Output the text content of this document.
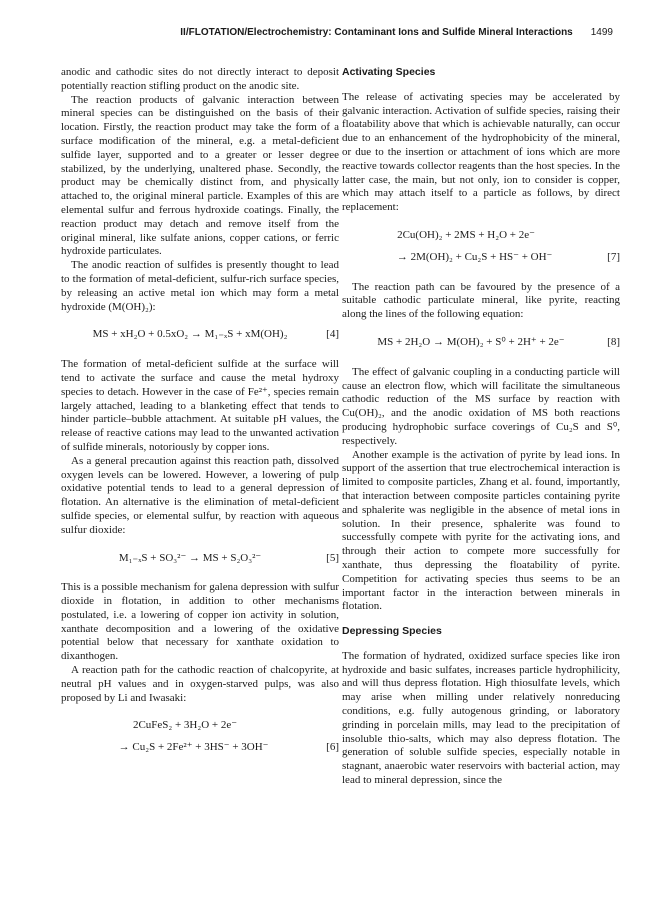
II/FLOTATION/Electrochemistry: Contaminant Ions and Sulfide Mineral Interactions 1499

anodic and cathodic sites do not directly interact to deposit potentially reaction stifling product on the anodic site.

The reaction products of galvanic interaction between mineral species can be distinguished on the basis of their location. Firstly, the reaction product may take the form of a surface modification of the mineral, e.g. a metal-deficient sulfide layer, supported and to a greater or lesser degree stabilized, by the underlying, unaltered phase. Secondly, the product may be chemically distinct from, and physically attached to, the original mineral particle. Examples of this are elemental sulfur and ferrous hydroxide coatings. Finally, the reaction product may detach and remove itself from the original mineral, like sulfate anions, copper cations, or ferric hydroxide particulates.

The anodic reaction of sulfides is presently thought to lead to the formation of metal-deficient, sulfur-rich surface species, by releasing an active metal ion which may form a metal hydroxide (M(OH)₂):

MS + xH₂O + 0.5xO₂ → M₁₋ₓS + xM(OH)₂	[4]

The formation of metal-deficient sulfide at the surface will tend to activate the surface and cause the metal hydroxy species to detach. However in the case of Fe²⁺, species remain largely attached, leading to a blanketing effect that tends to hinder particle–bubble attachment. At suitable pH values, the release of reactive cations may lead to the unwanted activation of sulfide minerals, notoriously by copper ions.

As a general precaution against this reaction path, dissolved oxygen levels can be lowered. However, a lowering of pulp oxidative potential tends to lead to a general depression of flotation. An alternative is the elimination of metal-deficient sulfide species, or elemental sulfur, by reaction with aqueous sulfur dioxide:

M₁₋ₓS + SO₃²⁻ → MS + S₂O₃²⁻	[5]

This is a possible mechanism for galena depression with sulfur dioxide in flotation, in addition to other mechanisms postulated, i.e. a lowering of copper ion activity in solution, xanthate decomposition and a lowering of the oxidative potential below that necessary for xanthate oxidation to dixanthogen.

A reaction path for the cathodic reaction of chalcopyrite, at neutral pH values and in oxygen-starved pulps, was also proposed by Li and Iwasaki:

2CuFeS₂ + 3H₂O + 2e⁻
→ Cu₂S + 2Fe²⁺ + 3HS⁻ + 3OH⁻	[6]
Activating Species

The release of activating species may be accelerated by galvanic interaction. Activation of sulfide species, raising their floatability above that which is achievable naturally, can occur due to an enhancement of the hydrophobicity of the mineral, or due to the insertion or attachment of ions which are more reactive towards collector reagents than the host species. In the latter case, the main, but not only, ion to consider is copper, which may attach itself to a particle as follows, by direct replacement:

2Cu(OH)₂ + 2MS + H₂O + 2e⁻
→ 2M(OH)₂ + Cu₂S + HS⁻ + OH⁻	[7]

The reaction path can be favoured by the presence of a suitable cathodic particulate mineral, like pyrite, reacting along the lines of the following equation:

MS + 2H₂O → M(OH)₂ + S⁰ + 2H⁺ + 2e⁻	[8]

The effect of galvanic coupling in a conducting particle will cause an electron flow, which will facilitate the simultaneous cathodic reduction of the MS surface by reaction with Cu(OH)₂, and the anodic oxidation of MS both reactions producing hydrophobic surface coverings of Cu₂S and S⁰, respectively.

Another example is the activation of pyrite by lead ions. In support of the assertion that true electrochemical interaction is limited to composite particles, Zhang et al. found, importantly, that interaction between composite particles containing pyrite and sphalerite was negligible in the absence of metal ions in solution. In their presence, sphalerite was found to successfully compete with pyrite for the activating ions, and through their action to compete more successfully for xanthate, thus depressing the floatability of pyrite. Competition for activating species thus seems to be an important factor in the interaction between minerals in flotation.

Depressing Species

The formation of hydrated, oxidized surface species like iron hydroxide and basic sulfates, increases particle hydrophilicity, and will thus depress flotation. High thiosulfate levels, which may arise when milling under relatively nonreducing conditions, e.g. fully autogenous grinding, or laboratory grinding in porcelain mills, may lead to the precipitation of insoluble thio-salts, which may also depress flotation. The generation of soluble sulfide species, especially notable in stagnant, anaerobic water reservoirs with bacterial action, may lead to mineral depression, since the
